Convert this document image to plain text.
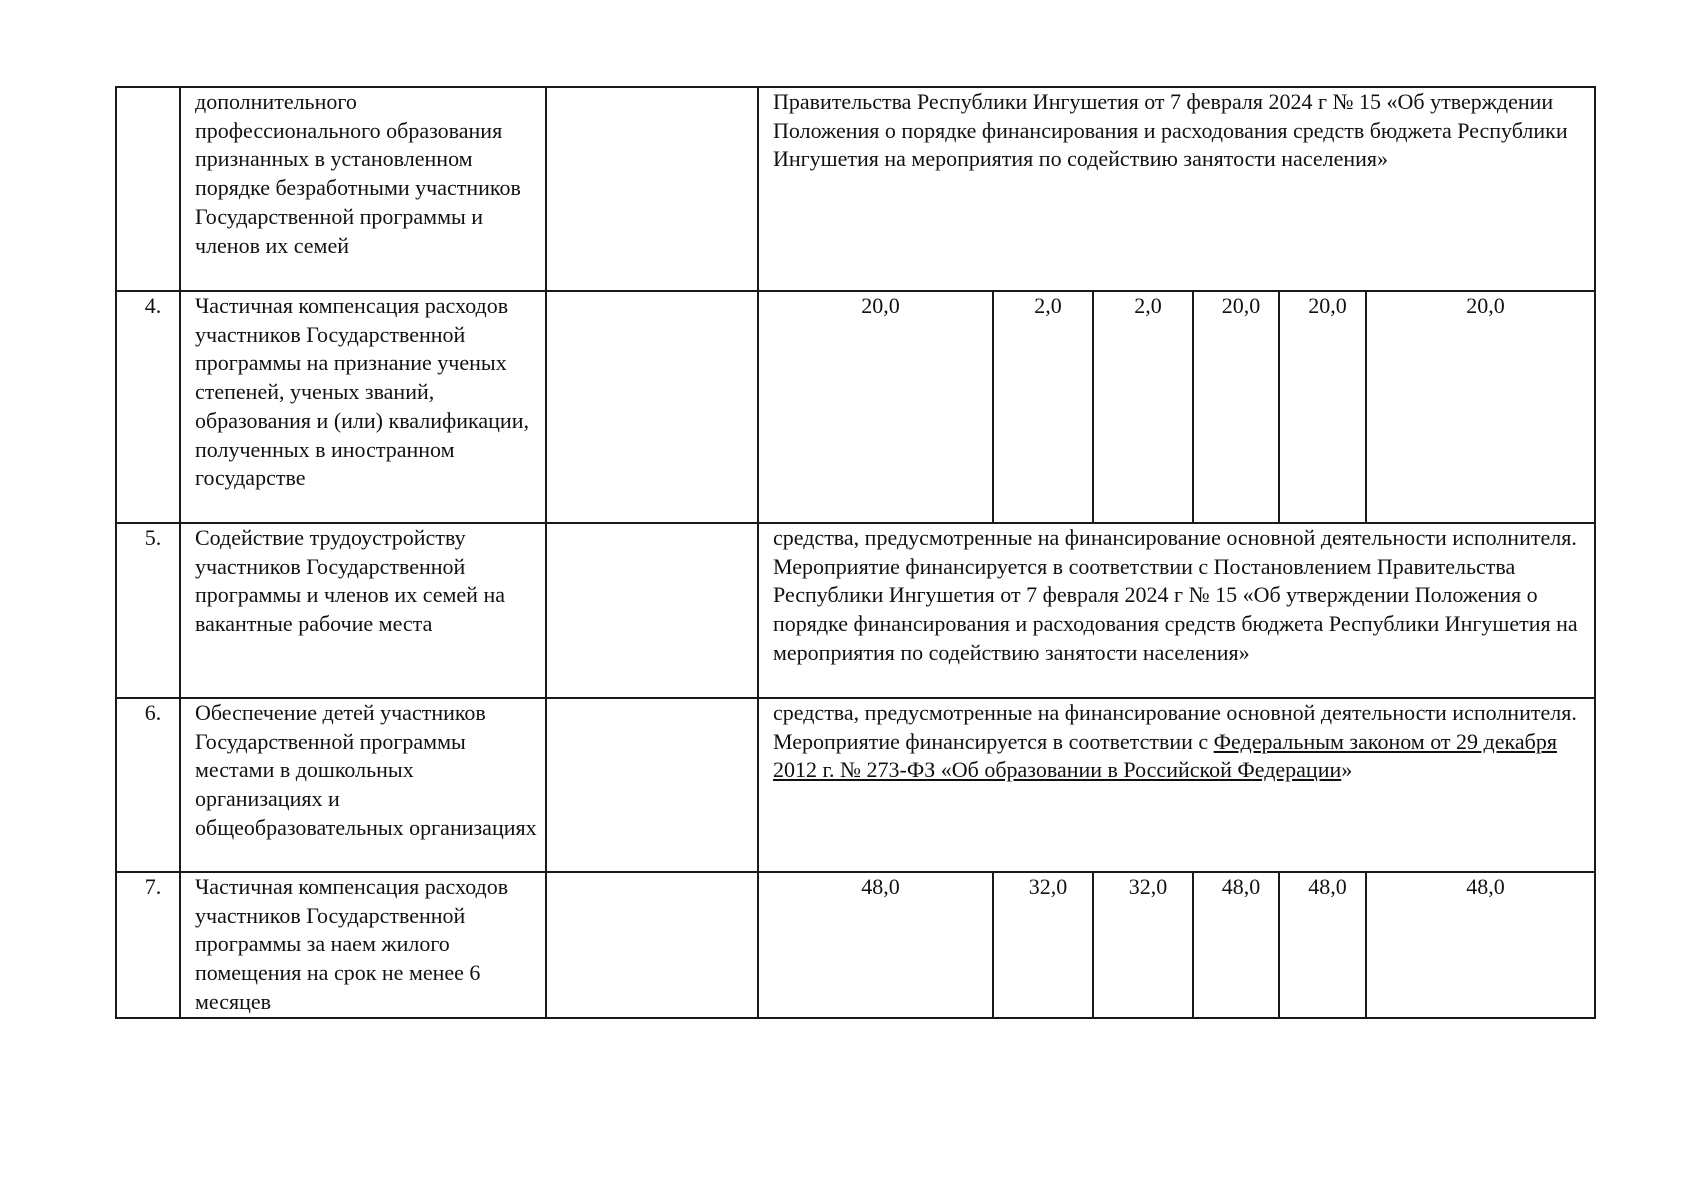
	дополнительного профессионального образования признанных в установленном порядке безработными участников Государственной программы и членов их семей		Правительства Республики Ингушетия от 7 февраля 2024 г № 15 «Об утверждении Положения о порядке финансирования и расходования средств бюджета Республики Ингушетия на мероприятия по содействию занятости населения»					
4.	Частичная компенсация расходов участников Государственной программы на признание ученых степеней, ученых званий, образования и (или) квалификации, полученных в иностранном государстве		20,0	2,0	2,0	20,0	20,0	20,0
5.	Содействие трудоустройству участников Государственной программы и членов их семей на вакантные рабочие места		средства, предусмотренные на финансирование основной деятельности исполнителя. Мероприятие финансируется в соответствии с Постановлением Правительства Республики Ингушетия от 7 февраля 2024 г № 15 «Об утверждении Положения о порядке финансирования и расходования средств бюджета Республики Ингушетия на мероприятия по содействию занятости населения»					
6.	Обеспечение детей участников Государственной программы местами в дошкольных организациях и общеобразовательных организациях		средства, предусмотренные на финансирование основной деятельности исполнителя. Мероприятие финансируется в соответствии с Федеральным законом от 29 декабря 2012 г. № 273-ФЗ «Об образовании в Российской Федерации»					
7.	Частичная компенсация расходов участников Государственной программы за наем жилого помещения на срок не менее 6 месяцев		48,0	32,0	32,0	48,0	48,0	48,0
